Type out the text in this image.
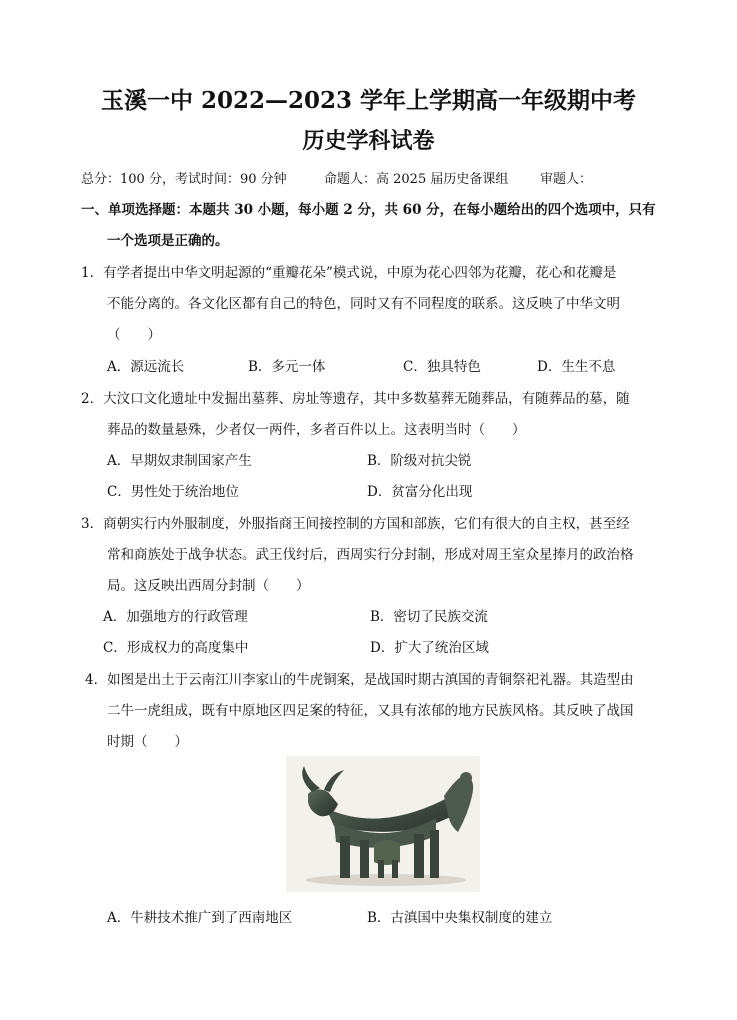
玉溪一中 2022—2023 学年上学期高一年级期中考
历史学科试卷
总分：100 分，考试时间：90 分钟	命题人：高 2025 届历史备课组 审题人：
一、单项选择题：本题共 30 小题，每小题 2 分，共 60 分，在每小题给出的四个选项中，只有
一个选项是正确的。
1．有学者提出中华文明起源的“重瓣花朵”模式说，中原为花心四邻为花瓣，花心和花瓣是
不能分离的。各文化区都有自己的特色，同时又有不同程度的联系。这反映了中华文明
（　　）
A．源远流长	B．多元一体	C．独具特色	D．生生不息
2．大汶口文化遗址中发掘出墓葬、房址等遗存，其中多数墓葬无随葬品，有随葬品的墓，随
葬品的数量悬殊，少者仅一两件，多者百件以上。这表明当时（　　）
A．早期奴隶制国家产生	B．阶级对抗尖锐
C．男性处于统治地位	D．贫富分化出现
3．商朝实行内外服制度，外服指商王间接控制的方国和部族，它们有很大的自主权，甚至经
常和商族处于战争状态。武王伐纣后，西周实行分封制，形成对周王室众星捧月的政治格
局。这反映出西周分封制（　　）
A．加强地方的行政管理	B．密切了民族交流
C．形成权力的高度集中	D．扩大了统治区域
4．如图是出土于云南江川李家山的牛虎铜案，是战国时期古滇国的青铜祭祀礼器。其造型由
二牛一虎组成，既有中原地区四足案的特征，又具有浓郁的地方民族风格。其反映了战国
时期（　　）
A．牛耕技术推广到了西南地区	B．古滇国中央集权制度的建立
